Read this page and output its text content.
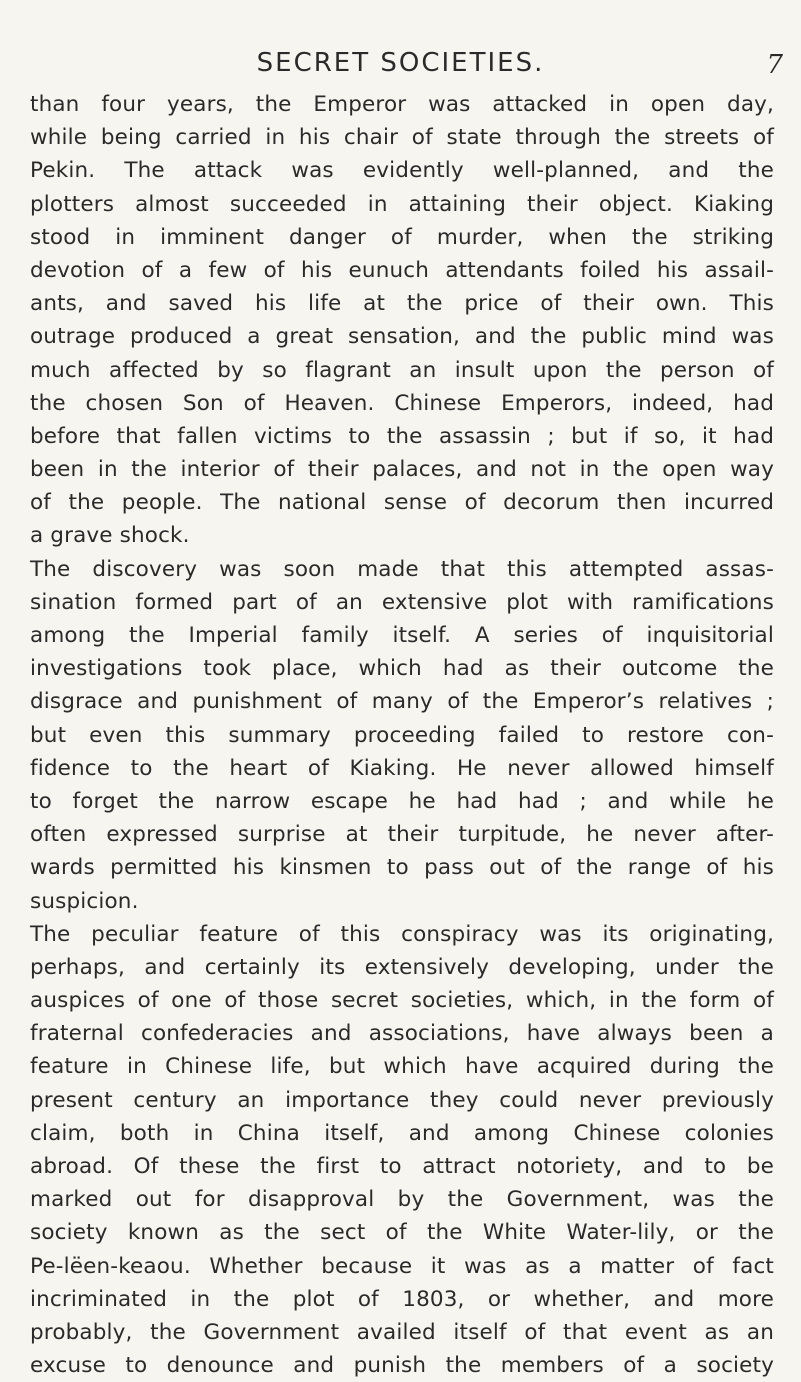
SECRET SOCIETIES.	7
than four years, the Emperor was attacked in open day,
while being carried in his chair of state through the streets of
Pekin. The attack was evidently well-planned, and the
plotters almost succeeded in attaining their object. Kiaking
stood in imminent danger of murder, when the striking
devotion of a few of his eunuch attendants foiled his assail-
ants, and saved his life at the price of their own. This
outrage produced a great sensation, and the public mind was
much affected by so flagrant an insult upon the person of
the chosen Son of Heaven. Chinese Emperors, indeed, had
before that fallen victims to the assassin ; but if so, it had
been in the interior of their palaces, and not in the open way
of the people. The national sense of decorum then incurred
a grave shock.
The discovery was soon made that this attempted assas-
sination formed part of an extensive plot with ramifications
among the Imperial family itself. A series of inquisitorial
investigations took place, which had as their outcome the
disgrace and punishment of many of the Emperor’s relatives ;
but even this summary proceeding failed to restore con-
fidence to the heart of Kiaking. He never allowed himself
to forget the narrow escape he had had ; and while he
often expressed surprise at their turpitude, he never after-
wards permitted his kinsmen to pass out of the range of his
suspicion.
The peculiar feature of this conspiracy was its originating,
perhaps, and certainly its extensively developing, under the
auspices of one of those secret societies, which, in the form of
fraternal confederacies and associations, have always been a
feature in Chinese life, but which have acquired during the
present century an importance they could never previously
claim, both in China itself, and among Chinese colonies
abroad. Of these the first to attract notoriety, and to be
marked out for disapproval by the Government, was the
society known as the sect of the White Water-lily, or the
Pe-lëen-keaou. Whether because it was as a matter of fact
incriminated in the plot of 1803, or whether, and more
probably, the Government availed itself of that event as an
excuse to denounce and punish the members of a society
